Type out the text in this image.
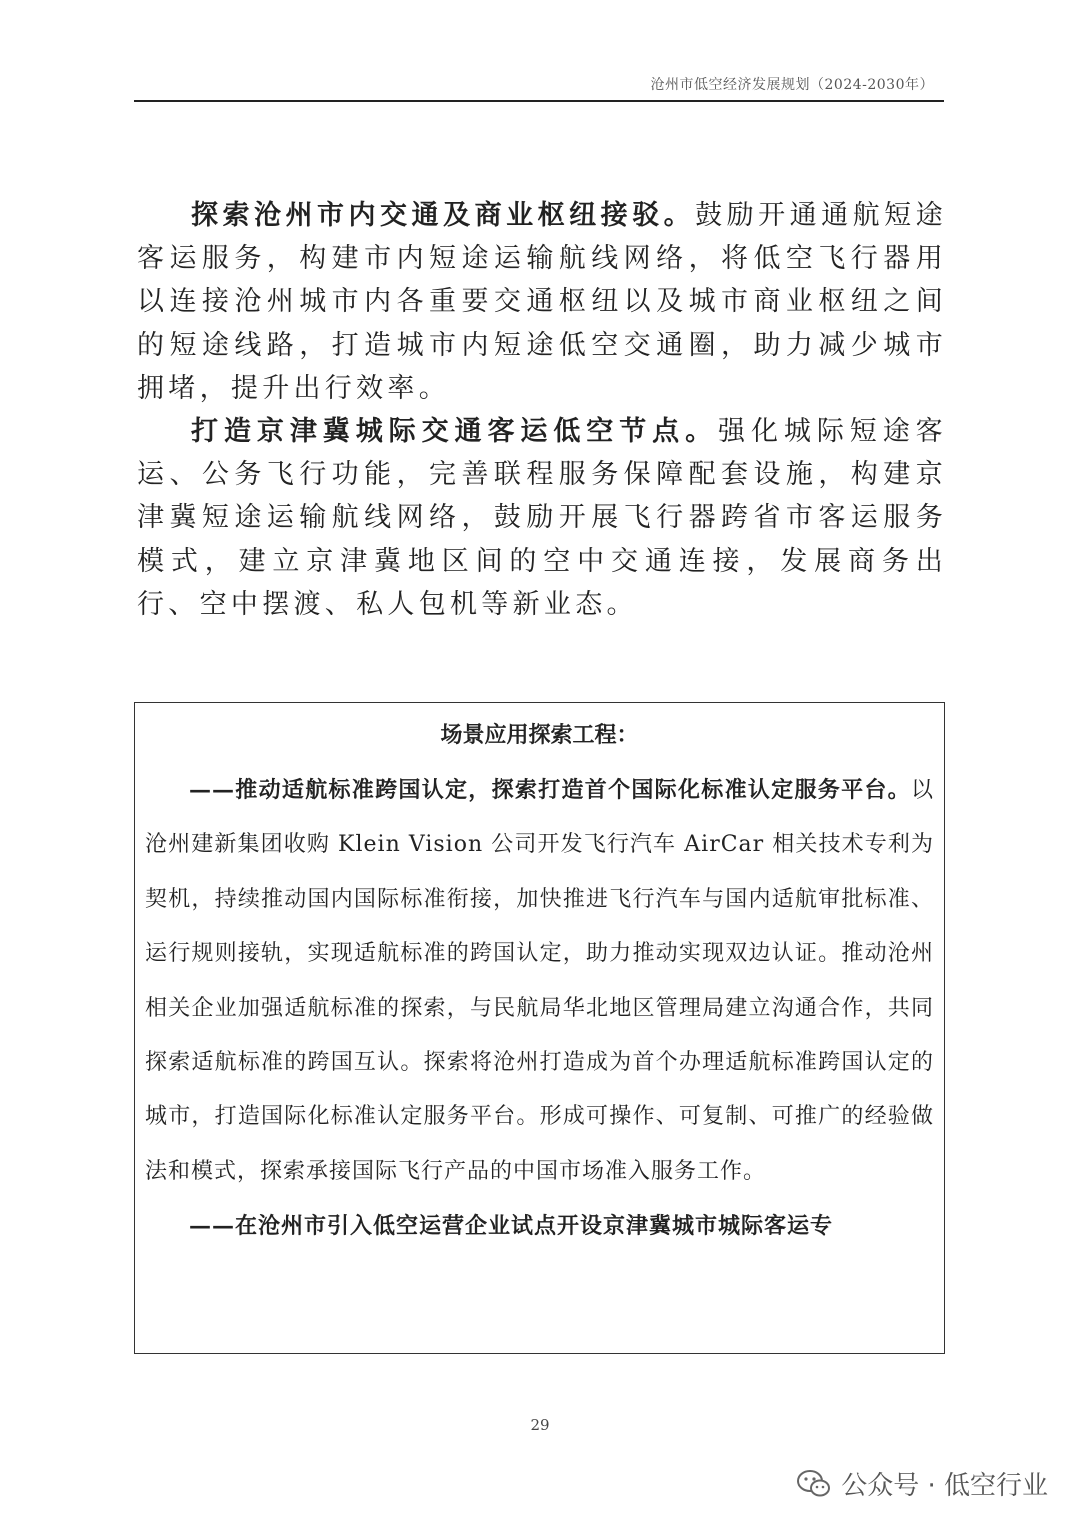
沧州市低空经济发展规划（2024-2030年）

探索沧州市内交通及商业枢纽接驳。鼓励开通通航短途客运服务，构建市内短途运输航线网络，将低空飞行器用以连接沧州城市内各重要交通枢纽以及城市商业枢纽之间的短途线路，打造城市内短途低空交通圈，助力减少城市拥堵，提升出行效率。

打造京津冀城际交通客运低空节点。强化城际短途客运、公务飞行功能，完善联程服务保障配套设施，构建京津冀短途运输航线网络，鼓励开展飞行器跨省市客运服务模式，建立京津冀地区间的空中交通连接，发展商务出行、空中摆渡、私人包机等新业态。

场景应用探索工程：

——推动适航标准跨国认定，探索打造首个国际化标准认定服务平台。以沧州建新集团收购 Klein Vision 公司开发飞行汽车 AirCar 相关技术专利为契机，持续推动国内国际标准衔接，加快推进飞行汽车与国内适航审批标准、运行规则接轨，实现适航标准的跨国认定，助力推动实现双边认证。推动沧州相关企业加强适航标准的探索，与民航局华北地区管理局建立沟通合作，共同探索适航标准的跨国互认。探索将沧州打造成为首个办理适航标准跨国认定的城市，打造国际化标准认定服务平台。形成可操作、可复制、可推广的经验做法和模式，探索承接国际飞行产品的中国市场准入服务工作。

——在沧州市引入低空运营企业试点开设京津冀城市城际客运专

29
公众号 · 低空行业
